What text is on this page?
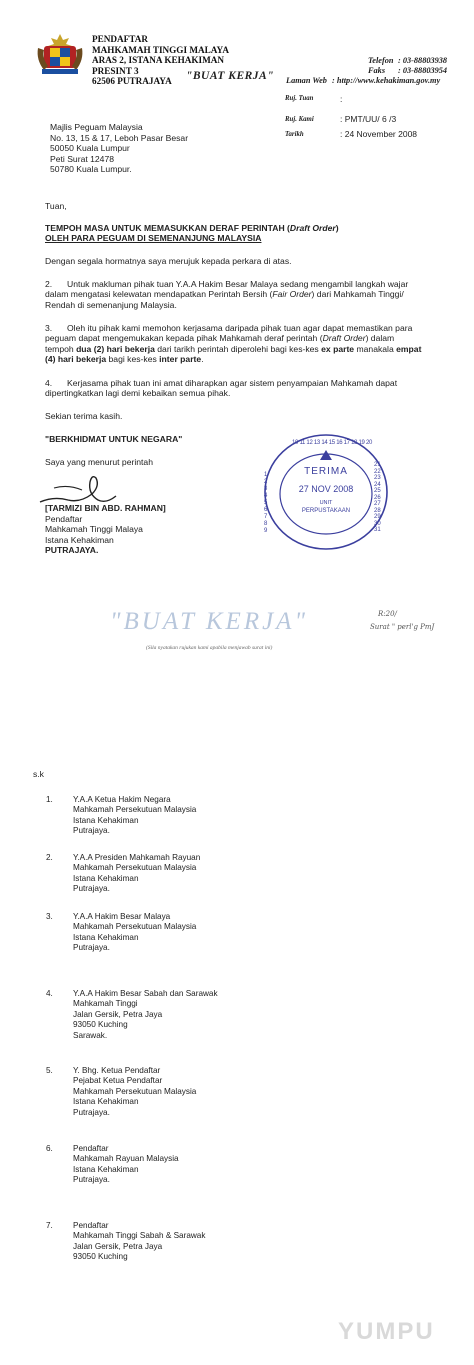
PENDAFTAR
MAHKAMAH TINGGI MALAYA
ARAS 2, ISTANA KEHAKIMAN
PRESINT 3
62506 PUTRAJAYA	"BUAT KERJA"
Telefon : 03-88803938
Faks : 03-88803954
Laman Web : http://www.kehakiman.gov.my
Ruj. Tuan	:
Ruj. Kami	: PMT/UU/ 6 /3
Tarikh	: 24 November 2008
Majlis Peguam Malaysia
No. 13, 15 & 17, Leboh Pasar Besar
50050 Kuala Lumpur
Peti Surat 12478
50780 Kuala Lumpur.
Tuan,
TEMPOH MASA UNTUK MEMASUKKAN DERAF PERINTAH (Draft Order)
OLEH PARA PEGUAM DI SEMENANJUNG MALAYSIA
Dengan segala hormatnya saya merujuk kepada perkara di atas.
2.	Untuk makluman pihak tuan Y.A.A Hakim Besar Malaya sedang mengambil langkah wajar dalam mengatasi kelewatan mendapatkan Perintah Bersih (Fair Order) dari Mahkamah Tinggi/ Rendah di semenanjung Malaysia.
3.	Oleh itu pihak kami memohon kerjasama daripada pihak tuan agar dapat memastikan para peguam dapat mengemukakan kepada pihak Mahkamah deraf perintah (Draft Order) dalam tempoh dua (2) hari bekerja dari tarikh perintah diperolehi bagi kes-kes ex parte manakala empat (4) hari bekerja bagi kes-kes inter parte.
4.	Kerjasama pihak tuan ini amat diharapkan agar sistem penyampaian Mahkamah dapat dipertingkatkan lagi demi kebaikan semua pihak.
Sekian terima kasih.
"BERKHIDMAT UNTUK NEGARA"
Saya yang menurut perintah
[TARMIZI BIN ABD. RAHMAN]
Pendaftar
Mahkamah Tinggi Malaya
Istana Kehakiman
PUTRAJAYA.
10 11 12 13 14 15 16 17 18 19 20
1 2 3 4 5 6 7 8 9
21 22 23 24 25 26 27 28 29 30 31
TERIMA
27 NOV 2008
UNIT
PERPUSTAKAAN
"BUAT KERJA"
(Sila nyatakan rujukan kami apabila menjawab surat ini)
R:20/
Surat " perl'g PmJ
s.k
1. Y.A.A Ketua Hakim Negara
Mahkamah Persekutuan Malaysia
Istana Kehakiman
Putrajaya.
2. Y.A.A Presiden Mahkamah Rayuan
Mahkamah Persekutuan Malaysia
Istana Kehakiman
Putrajaya.
3. Y.A.A Hakim Besar Malaya
Mahkamah Persekutuan Malaysia
Istana Kehakiman
Putrajaya.
4. Y.A.A Hakim Besar Sabah dan Sarawak
Mahkamah Tinggi
Jalan Gersik, Petra Jaya
93050 Kuching
Sarawak.
5. Y. Bhg. Ketua Pendaftar
Pejabat Ketua Pendaftar
Mahkamah Persekutuan Malaysia
Istana Kehakiman
Putrajaya.
6. Pendaftar
Mahkamah Rayuan Malaysia
Istana Kehakiman
Putrajaya.
7. Pendaftar
Mahkamah Tinggi Sabah & Sarawak
Jalan Gersik, Petra Jaya
93050 Kuching
YUMPU
